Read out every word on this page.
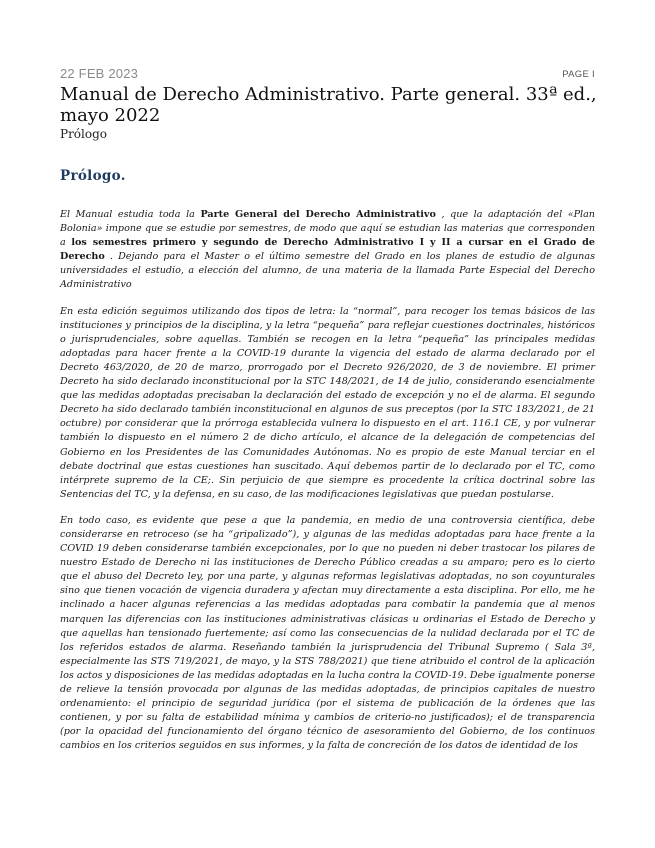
22 FEB 2023	PAGE I
Manual de Derecho Administrativo. Parte general. 33ª ed., mayo 2022
Prólogo
Prólogo.

El Manual estudia toda la Parte General del Derecho Administrativo , que la adaptación del «Plan Bolonia» impone que se estudie por semestres, de modo que aquí se estudian las materias que corresponden a los semestres primero y segundo de Derecho Administrativo I y II a cursar en el Grado de Derecho . Dejando para el Master o el último semestre del Grado en los planes de estudio de algunas universidades el estudio, a elección del alumno, de una materia de la llamada Parte Especial del Derecho Administrativo

En esta edición seguimos utilizando dos tipos de letra: la “normal”, para recoger los temas básicos de las instituciones y principios de la disciplina, y la letra “pequeña” para reflejar cuestiones doctrinales, históricos o jurisprudenciales, sobre aquellas. También se recogen en la letra “pequeña” las principales medidas adoptadas para hacer frente a la COVID-19 durante la vigencia del estado de alarma declarado por el Decreto 463/2020, de 20 de marzo, prorrogado por el Decreto 926/2020, de 3 de noviembre. El primer Decreto ha sido declarado inconstitucional por la STC 148/2021, de 14 de julio, considerando esencialmente que las medidas adoptadas precisaban la declaración del estado de excepción y no el de alarma. El segundo Decreto ha sido declarado también inconstitucional en algunos de sus preceptos (por la STC 183/2021, de 21 octubre) por considerar que la prórroga establecida vulnera lo dispuesto en el art. 116.1 CE, y por vulnerar también lo dispuesto en el número 2 de dicho artículo, el alcance de la delegación de competencias del Gobierno en los Presidentes de las Comunidades Autónomas. No es propio de este Manual terciar en el debate doctrinal que estas cuestiones han suscitado. Aquí debemos partir de lo declarado por el TC, como intérprete supremo de la CE;. Sin perjuicio de que siempre es procedente la crítica doctrinal sobre las Sentencias del TC, y la defensa, en su caso, de las modificaciones legislativas que puedan postularse.

En todo caso, es evidente que pese a que la pandemia, en medio de una controversia científica, debe considerarse en retroceso (se ha “gripalizado”), y algunas de las medidas adoptadas para hace frente a la COVID 19 deben considerarse también excepcionales, por lo que no pueden ni deber trastocar los pilares de nuestro Estado de Derecho ni las instituciones de Derecho Público creadas a su amparo; pero es lo cierto que el abuso del Decreto ley, por una parte, y algunas reformas legislativas adoptadas, no son coyunturales sino que tienen vocación de vigencia duradera y afectan muy directamente a esta disciplina. Por ello, me he inclinado a hacer algunas referencias a las medidas adoptadas para combatir la pandemia que al menos marquen las diferencias con las instituciones administrativas clásicas u ordinarias el Estado de Derecho y que aquellas han tensionado fuertemente; así como las consecuencias de la nulidad declarada por el TC de los referidos estados de alarma. Reseñando también la jurisprudencia del Tribunal Supremo ( Sala 3ª, especialmente las STS 719/2021, de mayo, y la STS 788/2021) que tiene atribuido el control de la aplicación los actos y disposiciones de las medidas adoptadas en la lucha contra la COVID-19. Debe igualmente ponerse de relieve la tensión provocada por algunas de las medidas adoptadas, de principios capitales de nuestro ordenamiento: el principio de seguridad jurídica (por el sistema de publicación de la órdenes que las contienen, y por su falta de estabilidad mínima y cambios de criterio-no justificados); el de transparencia (por la opacidad del funcionamiento del órgano técnico de asesoramiento del Gobierno, de los continuos cambios en los criterios seguidos en sus informes, y la falta de concreción de los datos de identidad de los
